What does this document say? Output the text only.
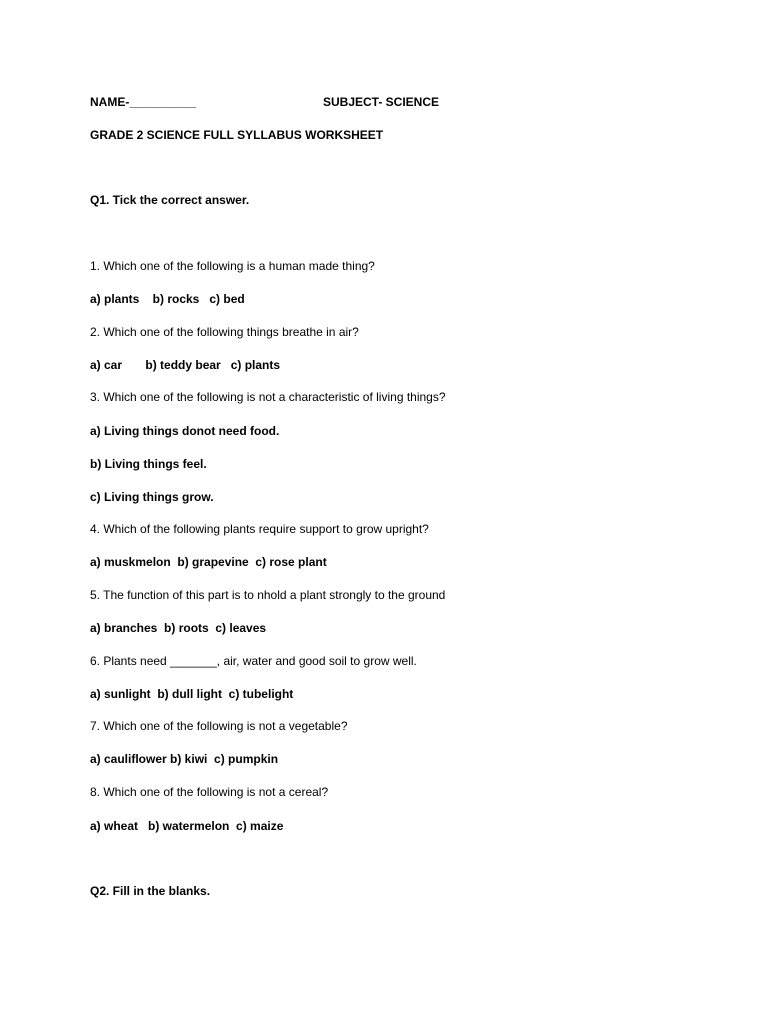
NAME-__________	SUBJECT- SCIENCE
GRADE 2 SCIENCE FULL SYLLABUS WORKSHEET
Q1. Tick the correct answer.
1. Which one of the following is a human made thing?
a) plants    b) rocks   c) bed
2. Which one of the following things breathe in air?
a) car       b) teddy bear   c) plants
3. Which one of the following is not a characteristic of living things?
a) Living things donot need food.
b) Living things feel.
c) Living things grow.
4. Which of the following plants require support to grow upright?
a) muskmelon  b) grapevine  c) rose plant
5. The function of this part is to nhold a plant strongly to the ground
a) branches  b) roots  c) leaves
6. Plants need _______, air, water and good soil to grow well.
a) sunlight  b) dull light  c) tubelight
7. Which one of the following is not a vegetable?
a) cauliflower b) kiwi  c) pumpkin
8. Which one of the following is not a cereal?
a) wheat   b) watermelon  c) maize
Q2. Fill in the blanks.
